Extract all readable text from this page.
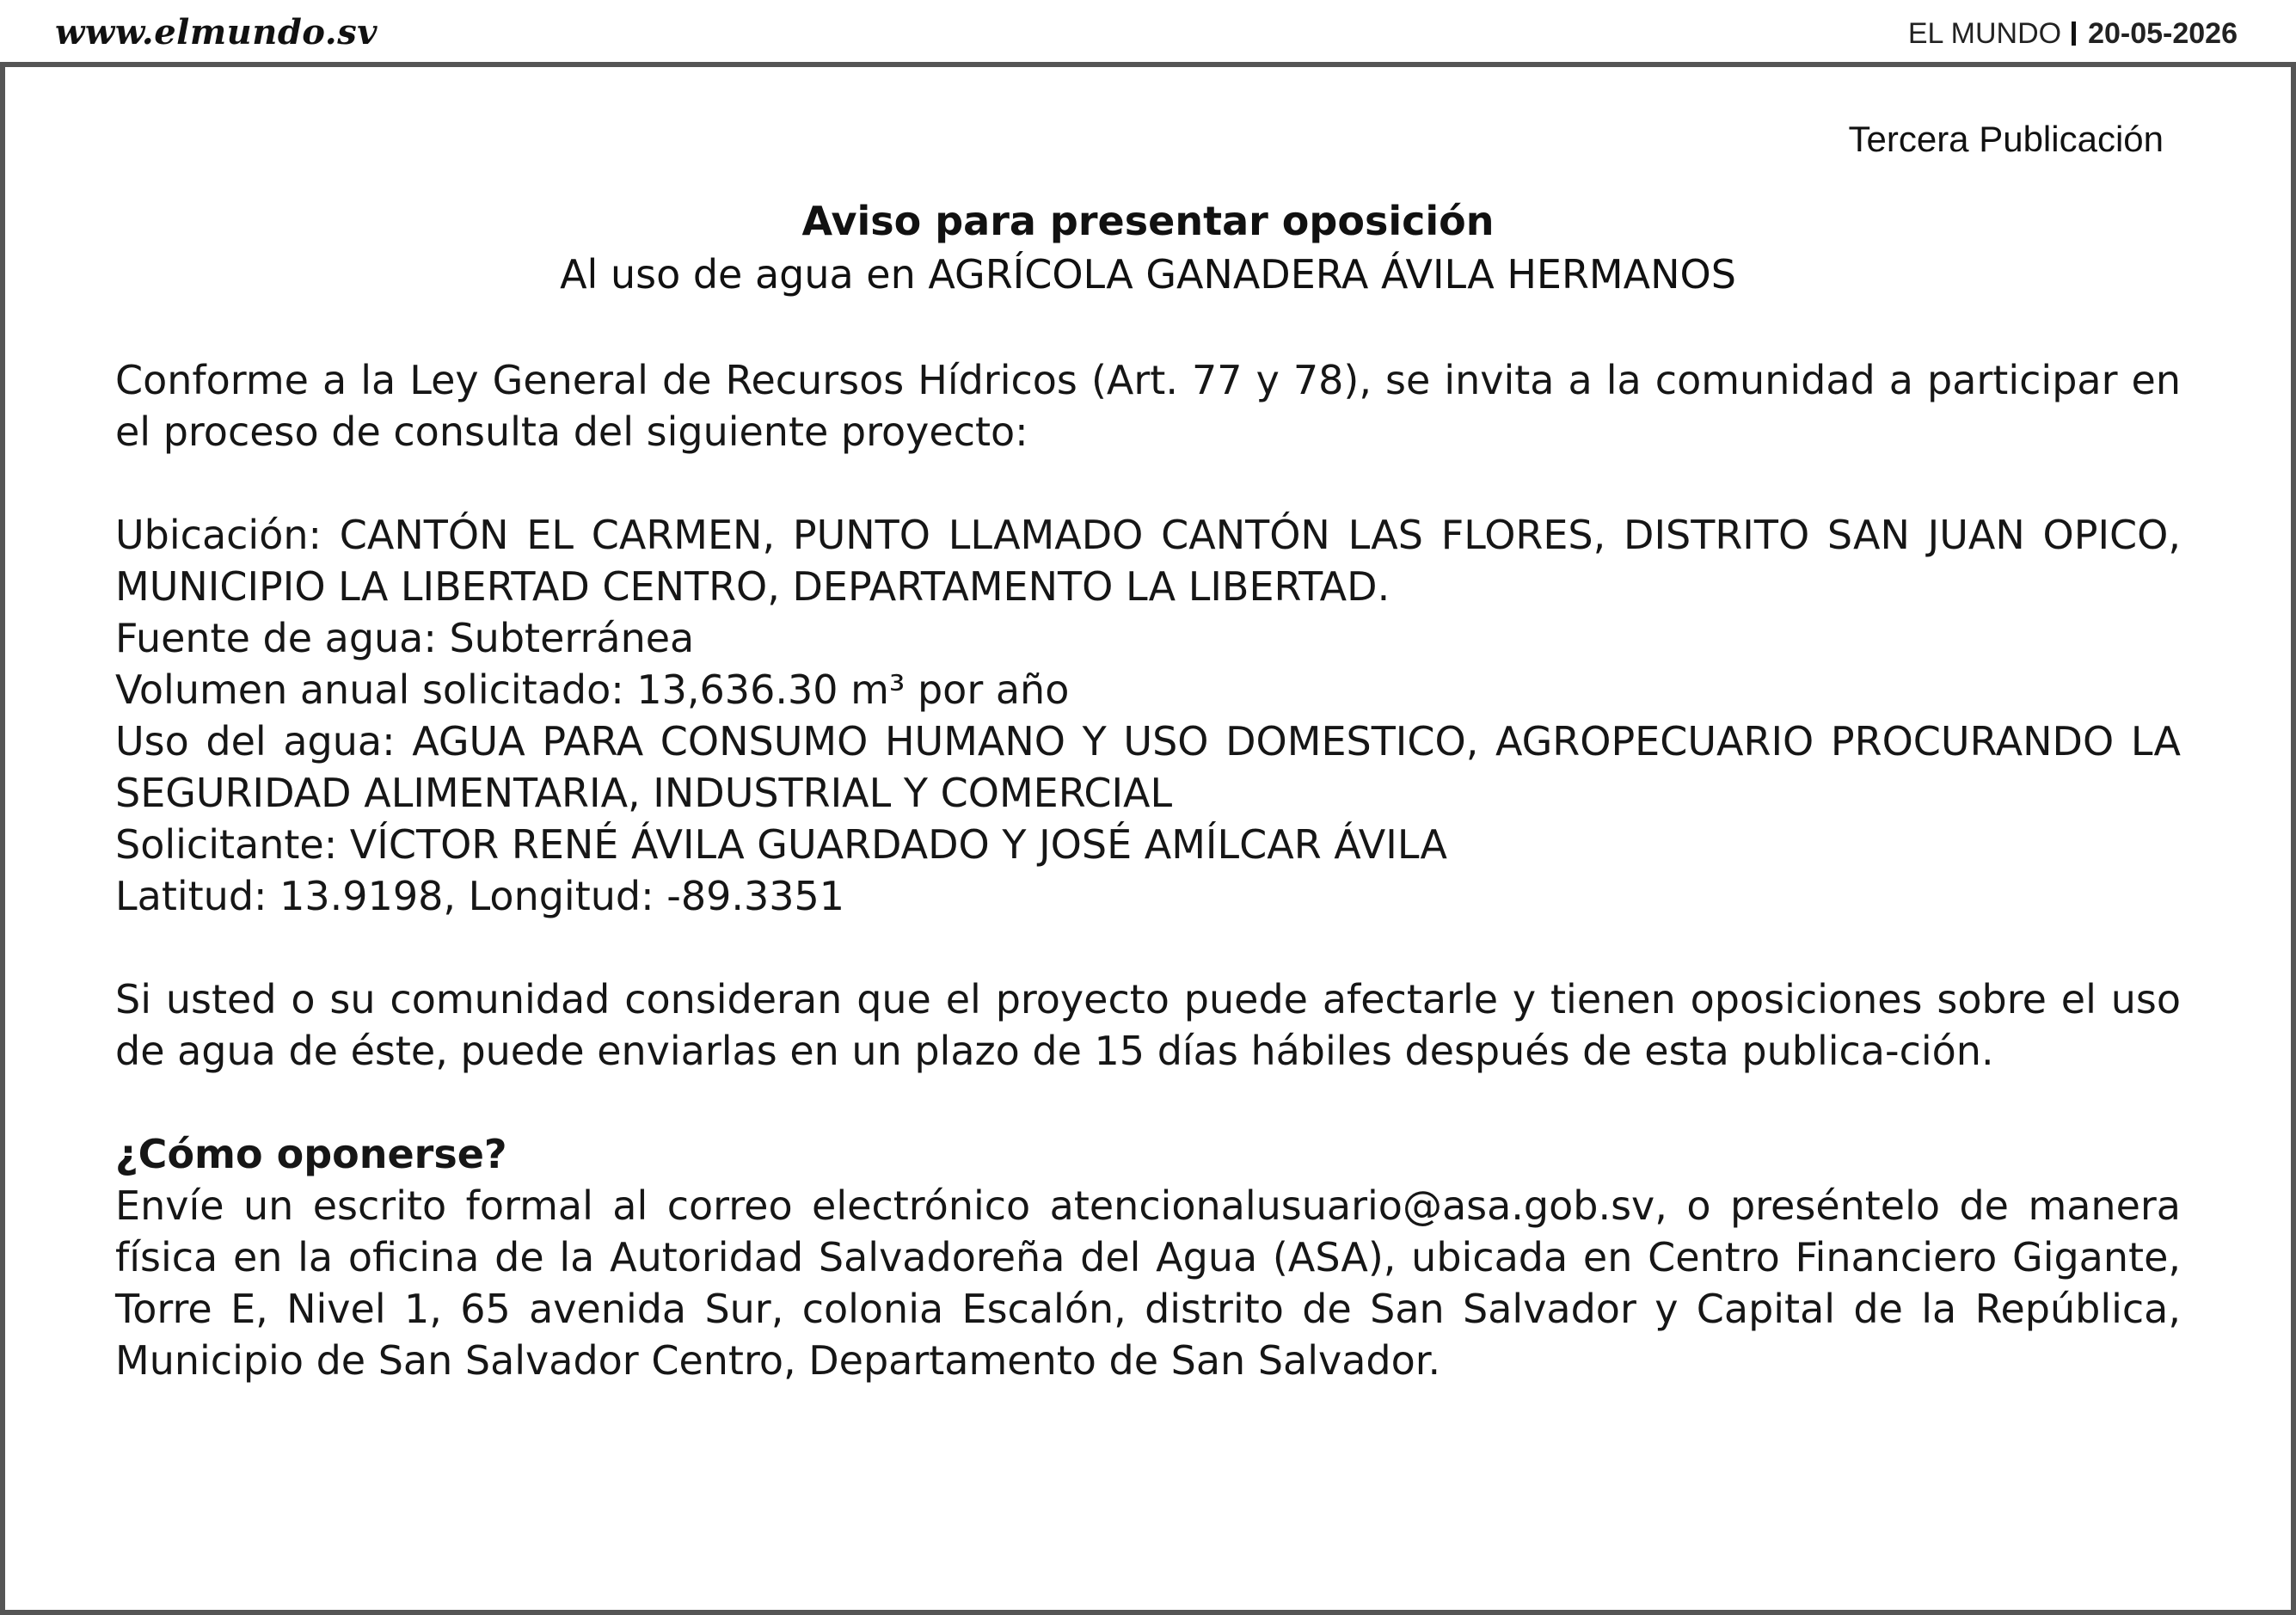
www.elmundo.sv	EL MUNDO 20-05-2026
Tercera Publicación
Aviso para presentar oposición
Al uso de agua en AGRÍCOLA GANADERA ÁVILA HERMANOS

Conforme a la Ley General de Recursos Hídricos (Art. 77 y 78), se invita a la comunidad a participar en el proceso de consulta del siguiente proyecto:

Ubicación: CANTÓN EL CARMEN, PUNTO LLAMADO CANTÓN LAS FLORES, DISTRITO SAN JUAN OPICO, MUNICIPIO LA LIBERTAD CENTRO, DEPARTAMENTO LA LIBERTAD.

Fuente de agua: Subterránea

Volumen anual solicitado: 13,636.30 m³ por año

Uso del agua: AGUA PARA CONSUMO HUMANO Y USO DOMESTICO, AGROPECUARIO PROCURANDO LA SEGURIDAD ALIMENTARIA, INDUSTRIAL Y COMERCIAL

Solicitante: VÍCTOR RENÉ ÁVILA GUARDADO Y JOSÉ AMÍLCAR ÁVILA

Latitud: 13.9198, Longitud: -89.3351

Si usted o su comunidad consideran que el proyecto puede afectarle y tienen oposiciones sobre el uso de agua de éste, puede enviarlas en un plazo de 15 días hábiles después de esta publica-ción.

¿Cómo oponerse?

Envíe un escrito formal al correo electrónico atencionalusuario@asa.gob.sv, o preséntelo de manera física en la oficina de la Autoridad Salvadoreña del Agua (ASA), ubicada en Centro Financiero Gigante, Torre E, Nivel 1, 65 avenida Sur, colonia Escalón, distrito de San Salvador y Capital de la República, Municipio de San Salvador Centro, Departamento de San Salvador.
